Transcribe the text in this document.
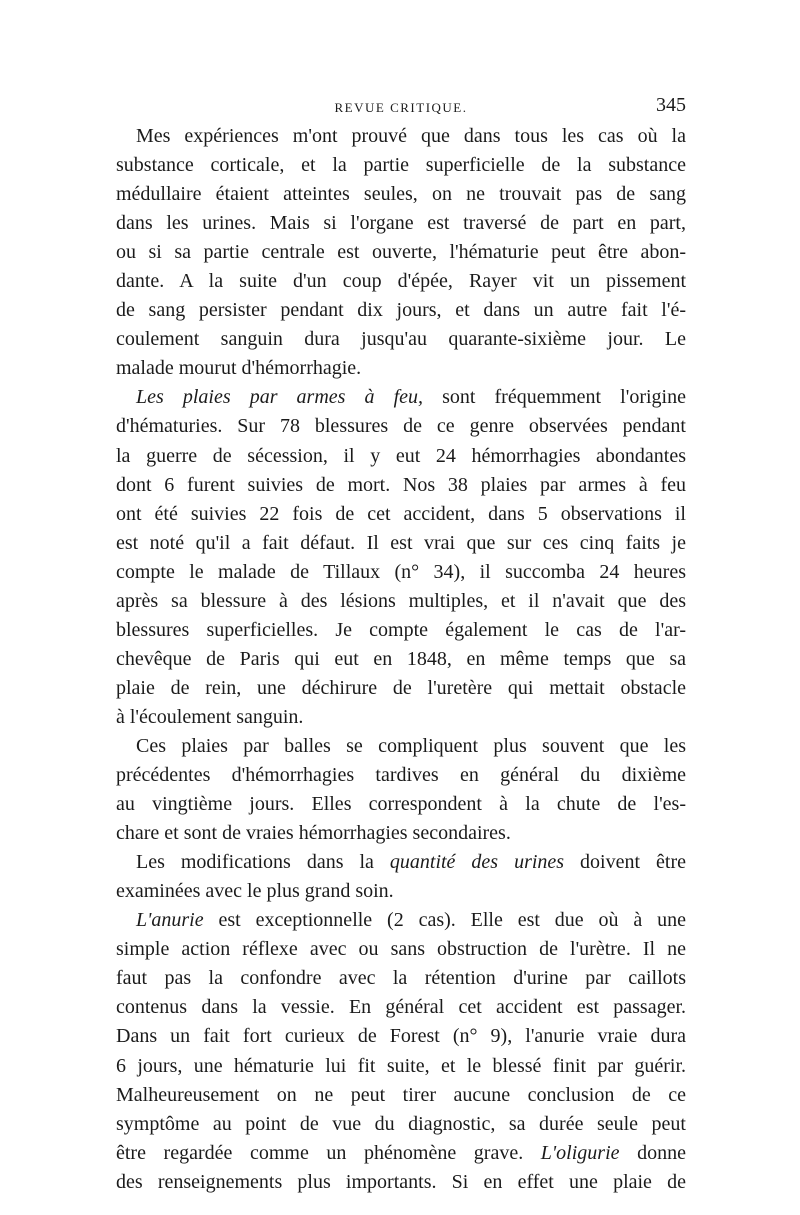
REVUE CRITIQUE.	345
Mes expériences m'ont prouvé que dans tous les cas où la
substance corticale, et la partie superficielle de la substance
médullaire étaient atteintes seules, on ne trouvait pas de sang
dans les urines. Mais si l'organe est traversé de part en part,
ou si sa partie centrale est ouverte, l'hématurie peut être abon-
dante. A la suite d'un coup d'épée, Rayer vit un pissement
de sang persister pendant dix jours, et dans un autre fait l'é-
coulement sanguin dura jusqu'au quarante-sixième jour. Le
malade mourut d'hémorrhagie.
Les plaies par armes à feu, sont fréquemment l'origine
d'hématuries. Sur 78 blessures de ce genre observées pendant
la guerre de sécession, il y eut 24 hémorrhagies abondantes
dont 6 furent suivies de mort. Nos 38 plaies par armes à feu
ont été suivies 22 fois de cet accident, dans 5 observations il
est noté qu'il a fait défaut. Il est vrai que sur ces cinq faits je
compte le malade de Tillaux (n° 34), il succomba 24 heures
après sa blessure à des lésions multiples, et il n'avait que des
blessures superficielles. Je compte également le cas de l'ar-
chevêque de Paris qui eut en 1848, en même temps que sa
plaie de rein, une déchirure de l'uretère qui mettait obstacle
à l'écoulement sanguin.
Ces plaies par balles se compliquent plus souvent que les
précédentes d'hémorrhagies tardives en général du dixième
au vingtième jours. Elles correspondent à la chute de l'es-
chare et sont de vraies hémorrhagies secondaires.
Les modifications dans la quantité des urines doivent être
examinées avec le plus grand soin.
L'anurie est exceptionnelle (2 cas). Elle est due où à une
simple action réflexe avec ou sans obstruction de l'urètre. Il ne
faut pas la confondre avec la rétention d'urine par caillots
contenus dans la vessie. En général cet accident est passager.
Dans un fait fort curieux de Forest (n° 9), l'anurie vraie dura
6 jours, une hématurie lui fit suite, et le blessé finit par guérir.
Malheureusement on ne peut tirer aucune conclusion de ce
symptôme au point de vue du diagnostic, sa durée seule peut
être regardée comme un phénomène grave. L'oligurie donne
des renseignements plus importants. Si en effet une plaie de
